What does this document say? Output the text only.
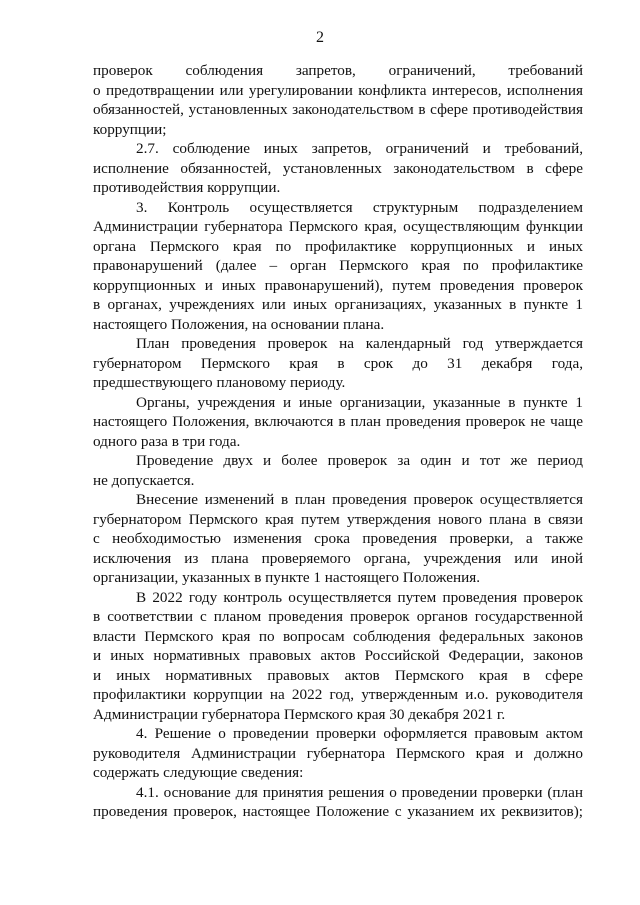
2
проверок соблюдения запретов, ограничений, требований
о предотвращении или урегулировании конфликта интересов, исполнения
обязанностей, установленных законодательством в сфере противодействия
коррупции;
2.7. соблюдение иных запретов, ограничений и требований,
исполнение обязанностей, установленных законодательством в сфере
противодействия коррупции.
3. Контроль осуществляется структурным подразделением
Администрации губернатора Пермского края, осуществляющим функции
органа Пермского края по профилактике коррупционных и иных
правонарушений (далее – орган Пермского края по профилактике
коррупционных и иных правонарушений), путем проведения проверок
в органах, учреждениях или иных организациях, указанных в пункте 1
настоящего Положения, на основании плана.
План проведения проверок на календарный год утверждается
губернатором Пермского края в срок до 31 декабря года,
предшествующего плановому периоду.
Органы, учреждения и иные организации, указанные в пункте 1
настоящего Положения, включаются в план проведения проверок не чаще
одного раза в три года.
Проведение двух и более проверок за один и тот же период
не допускается.
Внесение изменений в план проведения проверок осуществляется
губернатором Пермского края путем утверждения нового плана в связи
с необходимостью изменения срока проведения проверки, а также
исключения из плана проверяемого органа, учреждения или иной
организации, указанных в пункте 1 настоящего Положения.
В 2022 году контроль осуществляется путем проведения проверок
в соответствии с планом проведения проверок органов государственной
власти Пермского края по вопросам соблюдения федеральных законов
и иных нормативных правовых актов Российской Федерации, законов
и иных нормативных правовых актов Пермского края в сфере
профилактики коррупции на 2022 год, утвержденным и.о. руководителя
Администрации губернатора Пермского края 30 декабря 2021 г.
4. Решение о проведении проверки оформляется правовым актом
руководителя Администрации губернатора Пермского края и должно
содержать следующие сведения:
4.1. основание для принятия решения о проведении проверки (план
проведения проверок, настоящее Положение с указанием их реквизитов);
